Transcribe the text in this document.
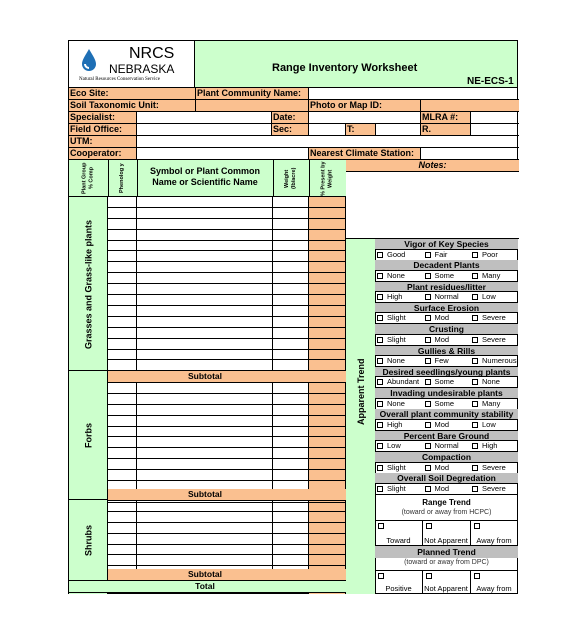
NRCS
NEBRASKA
Natural Resources Conservation Service
Range Inventory Worksheet
NE-ECS-1
Eco Site:	Plant Community Name:
Soil Taxonomic Unit:	Photo or Map ID:
Specialist:	Date:	MLRA #:
Field Office:	Sec:	T:	R.
UTM:
Cooperator:	Nearest Climate Station:
Plant Group % Comp	Phenolog y	Symbol or Plant Common Name or Scientific Name	Weight (lb/acre)	% Present by Weight
Subtotal
Subtotal
Subtotal
Total
Grasses and Grass-like plants
Forbs
Shrubs
Notes:
Apparent Trend
Vigor of Key Species
Good	Fair	Poor
Decadent Plants
None	Some	Many
Plant residues/litter
High	Normal	Low
Surface Erosion
Slight	Mod	Severe
Crusting
Slight	Mod	Severe
Gullies & Rills
None	Few	Numerous
Desired seedlings/young plants
Abundant	Some	None
Invading undesirable plants
None	Some	Many
Overall plant community stability
High	Mod	Low
Percent Bare Ground
Low	Normal	High
Compaction
Slight	Mod	Severe
Overall Soil Degredation
Slight	Mod	Severe
Range Trend
(toward or away from HCPC)
Toward	Not Apparent	Away from
Planned Trend
(toward or away from DPC)
Positive	Not Apparent	Away from
